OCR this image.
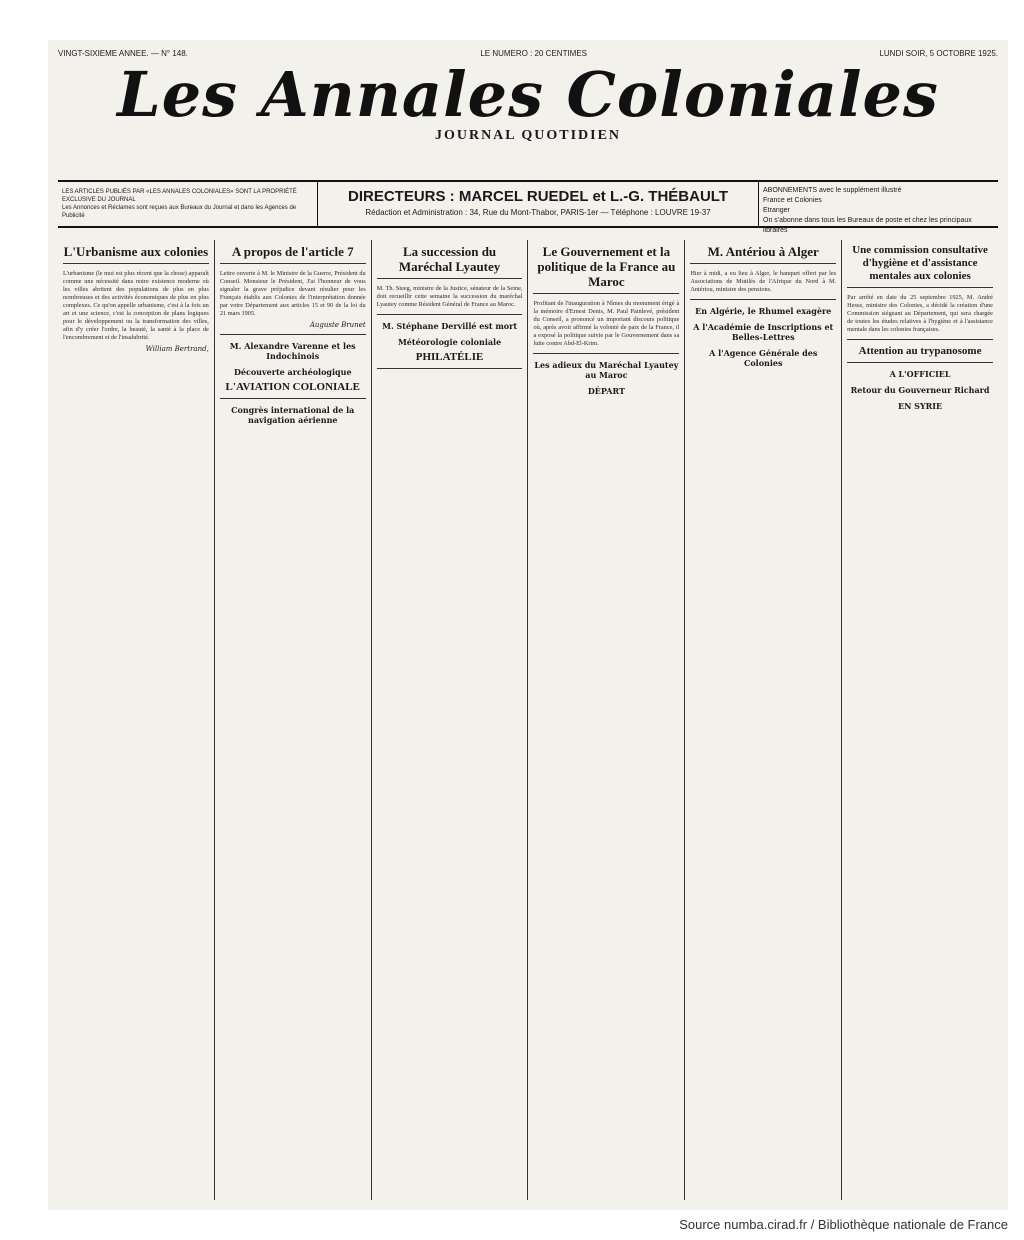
VINGT-SIXIEME ANNEE. — N° 148.	LE NUMERO : 20 CENTIMES	LUNDI SOIR, 5 OCTOBRE 1925.
Les Annales Coloniales
JOURNAL QUOTIDIEN
LES ARTICLES PUBLIÉS PAR «LES ANNALES COLONIALES» SONT LA PROPRIÉTÉ EXCLUSIVE DU JOURNAL
Les Annonces et Réclames sont reçues aux Bureaux du Journal et dans les Agences de Publicité
DIRECTEURS : MARCEL RUEDEL et L.-G. THÉBAULT
Rédaction et Administration : 34, Rue du Mont-Thabor, PARIS-1er — Téléphone : LOUVRE 19-37
ABONNEMENTS avec le supplément illustré
France et Colonies
Etranger
On s'abonne dans tous les Bureaux de poste et chez les principaux libraires
L'Urbanisme aux colonies
L'urbanisme (le mot est plus récent que la chose) apparaît comme une nécessité dans notre existence moderne où les villes abritent des populations de plus en plus nombreuses et des activités économiques de plus en plus complexes. Ce qu'on appelle urbanisme, c'est à la fois un art et une science, c'est la conception de plans logiques pour le développement ou la transformation des villes, afin d'y créer l'ordre, la beauté, la santé à la place de l'encombrement et de l'insalubrité.
William Bertrand,
A propos de l'article 7
Lettre ouverte à M. le Ministre de la Guerre, Président du Conseil. Monsieur le Président, J'ai l'honneur de vous signaler la grave préjudice devant résulter pour les Français établis aux Colonies de l'interprétation donnée par votre Département aux articles 15 et 90 de la loi du 21 mars 1905.
Auguste Brunet
M. Alexandre Varenne et les Indochinois
Découverte archéologique
L'AVIATION COLONIALE
Congrès international de la navigation aérienne
La succession du Maréchal Lyautey
M. Th. Steeg, ministre de la Justice, sénateur de la Seine, doit recueillir cette semaine la succession du maréchal Lyautey comme Résident Général de France au Maroc.
M. Stéphane Dervillé est mort
Météorologie coloniale
PHILATÉLIE
Le Gouvernement et la politique de la France au Maroc
Profitant de l'inauguration à Nîmes du monument érigé à la mémoire d'Ernest Denis, M. Paul Painlevé, président du Conseil, a prononcé un important discours politique où, après avoir affirmé la volonté de paix de la France, il a exposé la politique suivie par le Gouvernement dans sa lutte contre Abd-El-Krim.
Les adieux du Maréchal Lyautey au Maroc
DÉPART
M. Antériou à Alger
Hier à midi, a eu lieu à Alger, le banquet offert par les Associations de Mutilés de l'Afrique du Nord à M. Antériou, ministre des pensions.
En Algérie, le Rhumel exagère
A l'Académie de Inscriptions et Belles-Lettres
A l'Agence Générale des Colonies
Une commission consultative d'hygiène et d'assistance mentales aux colonies
Par arrêté en date du 25 septembre 1925, M. André Hesse, ministre des Colonies, a décidé la création d'une Commission siégeant au Département, qui sera chargée de toutes les études relatives à l'hygiène et à l'assistance mentale dans les colonies françaises.
Attention au trypanosome
A L'OFFICIEL
Retour du Gouverneur Richard
EN SYRIE
Source numba.cirad.fr / Bibliothèque nationale de France
